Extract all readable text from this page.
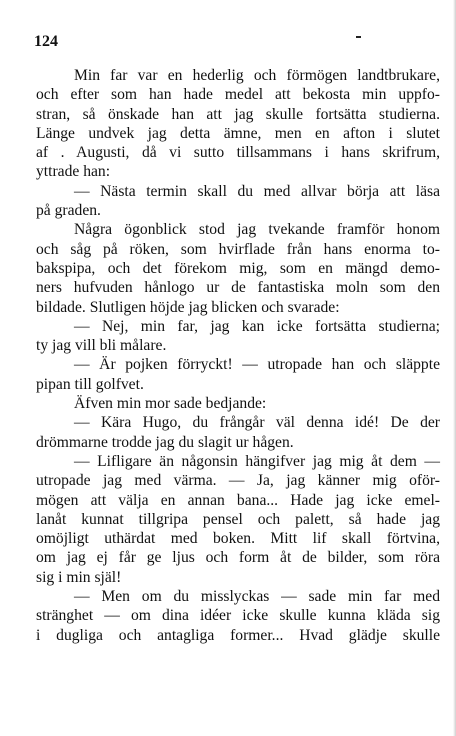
124
Min far var en hederlig och förmögen landtbrukare,
och efter som han hade medel att bekosta min uppfo-
stran, så önskade han att jag skulle fortsätta studierna.
Länge undvek jag detta ämne, men en afton i slutet
af . Augusti, då vi sutto tillsammans i hans skrifrum,
yttrade han:
— Nästa termin skall du med allvar börja att läsa
på graden.
Några ögonblick stod jag tvekande framför honom
och såg på röken, som hvirflade från hans enorma to-
bakspipa, och det förekom mig, som en mängd demo-
ners hufvuden hånlogo ur de fantastiska moln som den
bildade. Slutligen höjde jag blicken och svarade:
— Nej, min far, jag kan icke fortsätta studierna;
ty jag vill bli målare.
— Är pojken förryckt! — utropade han och släppte
pipan till golfvet.
Äfven min mor sade bedjande:
— Kära Hugo, du frångår väl denna idé! De der
drömmarne trodde jag du slagit ur hågen.
— Lifligare än någonsin hängifver jag mig åt dem —
utropade jag med värma. — Ja, jag känner mig oför-
mögen att välja en annan bana... Hade jag icke emel-
lanåt kunnat tillgripa pensel och palett, så hade jag
omöjligt uthärdat med boken. Mitt lif skall förtvina,
om jag ej får ge ljus och form åt de bilder, som röra
sig i min själ!
— Men om du misslyckas — sade min far med
stränghet — om dina idéer icke skulle kunna kläda sig
i dugliga och antagliga former... Hvad glädje skulle
